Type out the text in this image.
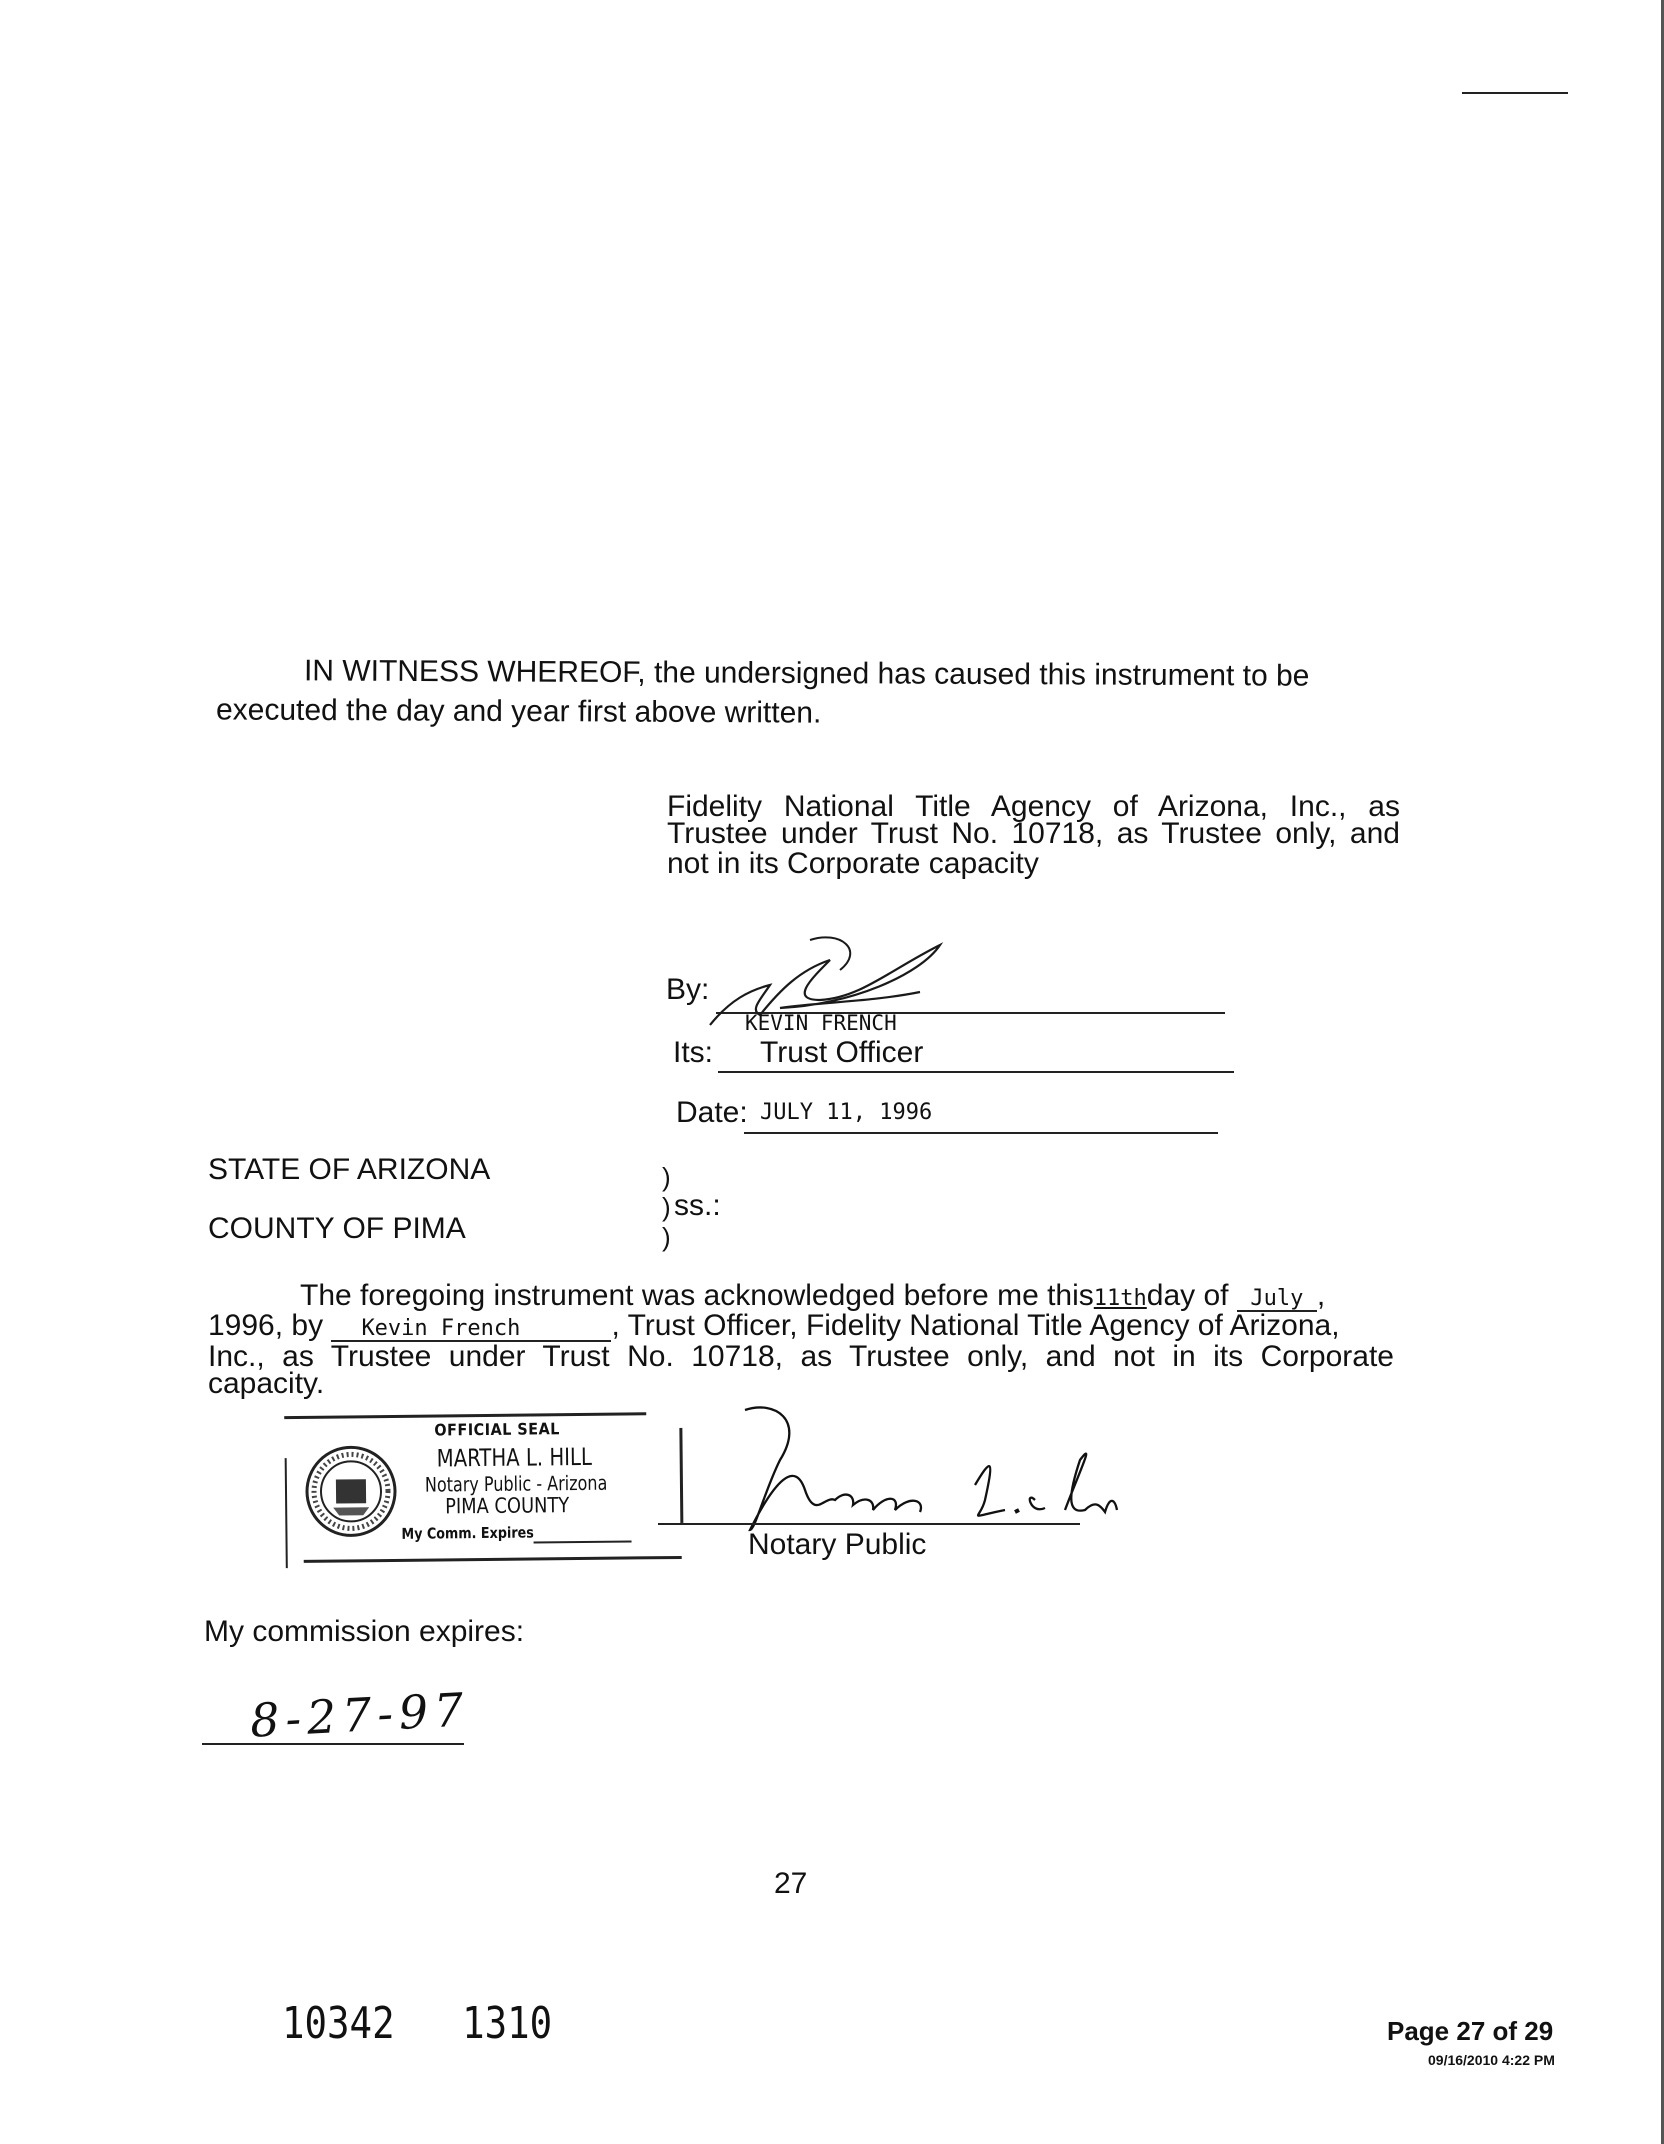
IN WITNESS WHEREOF, the undersigned has caused this instrument to be
executed the day and year first above written.
Fidelity National Title Agency of Arizona, Inc., as
Trustee under Trust No. 10718, as Trustee only, and
not in its Corporate capacity
By:
KEVIN FRENCH
Its: Trust Officer
Date: JULY 11, 1996
STATE OF ARIZONA
COUNTY OF PIMA
)
)
)
ss.:
The foregoing instrument was acknowledged before me this11thday of July ,
1996, by Kevin French	, Trust Officer, Fidelity National Title Agency of Arizona,
Inc., as Trustee under Trust No. 10718, as Trustee only, and not in its Corporate
capacity.
OFFICIAL SEAL
MARTHA L. HILL
Notary Public - Arizona
PIMA COUNTY
My Comm. Expires	Notary Public
My commission expires:
8-27-97
27
10342   1310	Page 27 of 29
09/16/2010 4:22 PM
